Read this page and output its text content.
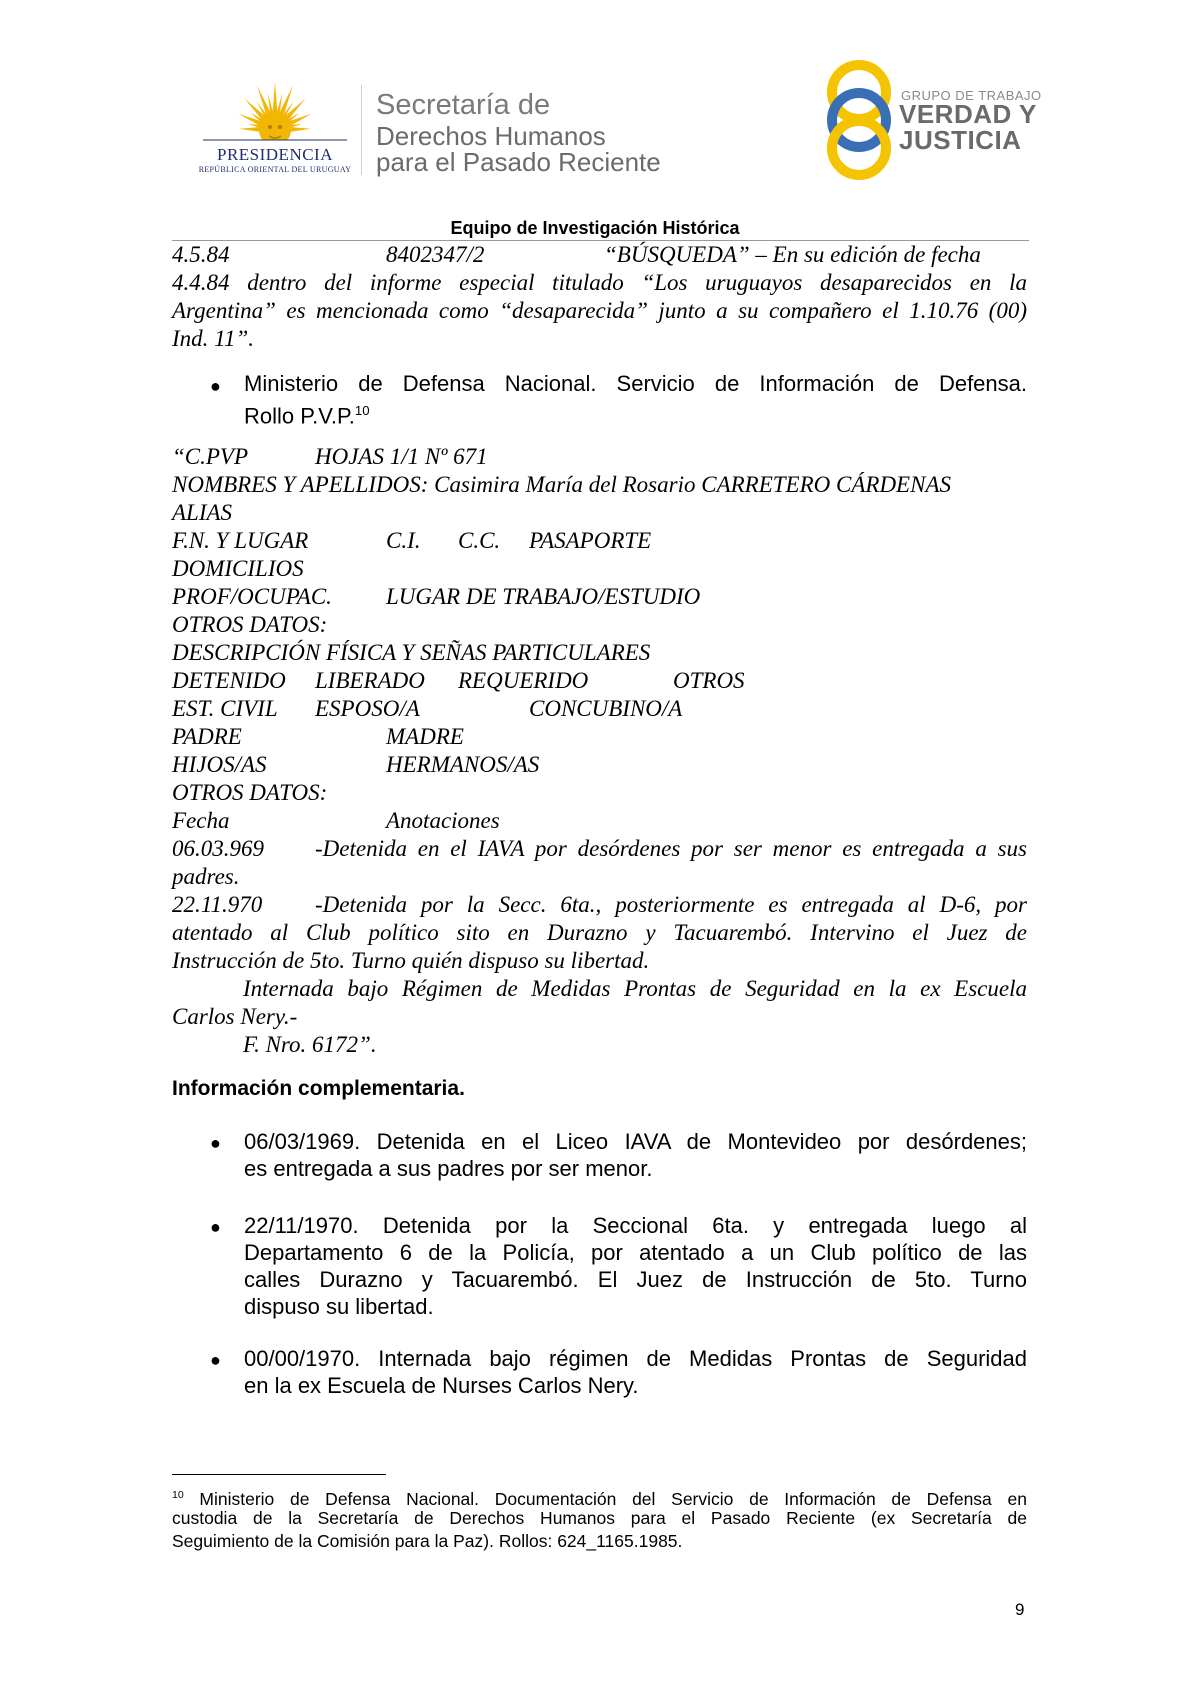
PRESIDENCIA
REPÚBLICA ORIENTAL DEL URUGUAY
Secretaría de
Derechos Humanos
para el Pasado Reciente
GRUPO DE TRABAJO
VERDAD Y
JUSTICIA
Equipo de Investigación Histórica
4.5.84	8402347/2	“BÚSQUEDA” – En su edición de fecha
4.4.84 dentro del informe especial titulado “Los uruguayos desaparecidos en la
Argentina” es mencionada como “desaparecida” junto a su compañero el 1.10.76 (00)
Ind. 11”.
● Ministerio de Defensa Nacional. Servicio de Información de Defensa.
Rollo P.V.P.$^{10}$
“C.PVP	HOJAS 1/1 Nº 671
NOMBRES Y APELLIDOS: Casimira María del Rosario CARRETERO CÁRDENAS
ALIAS
F.N. Y LUGAR	C.I. C.C. PASAPORTE
DOMICILIOS
PROF/OCUPAC. LUGAR DE TRABAJO/ESTUDIO
OTROS DATOS:
DESCRIPCIÓN FÍSICA Y SEÑAS PARTICULARES
DETENIDO LIBERADO REQUERIDO	OTROS
EST. CIVIL ESPOSO/A	CONCUBINO/A
PADRE	MADRE
HIJOS/AS	HERMANOS/AS
OTROS DATOS:
Fecha	Anotaciones
06.03.969 -Detenida en el IAVA por desórdenes por ser menor es entregada a sus
padres.
22.11.970 -Detenida por la Secc. 6ta., posteriormente es entregada al D-6, por
atentado al Club político sito en Durazno y Tacuarembó. Intervino el Juez de
Instrucción de 5to. Turno quién dispuso su libertad.
Internada bajo Régimen de Medidas Prontas de Seguridad en la ex Escuela
Carlos Nery.-
F. Nro. 6172”.
Información complementaria.
● 06/03/1969. Detenida en el Liceo IAVA de Montevideo por desórdenes;
es entregada a sus padres por ser menor.
● 22/11/1970. Detenida por la Seccional 6ta. y entregada luego al
Departamento 6 de la Policía, por atentado a un Club político de las
calles Durazno y Tacuarembó. El Juez de Instrucción de 5to. Turno
dispuso su libertad.
● 00/00/1970. Internada bajo régimen de Medidas Prontas de Seguridad
en la ex Escuela de Nurses Carlos Nery.
$^{10}$ Ministerio de Defensa Nacional. Documentación del Servicio de Información de Defensa en
custodia de la Secretaría de Derechos Humanos para el Pasado Reciente (ex Secretaría de
Seguimiento de la Comisión para la Paz). Rollos: 624_1165.1985.
9
